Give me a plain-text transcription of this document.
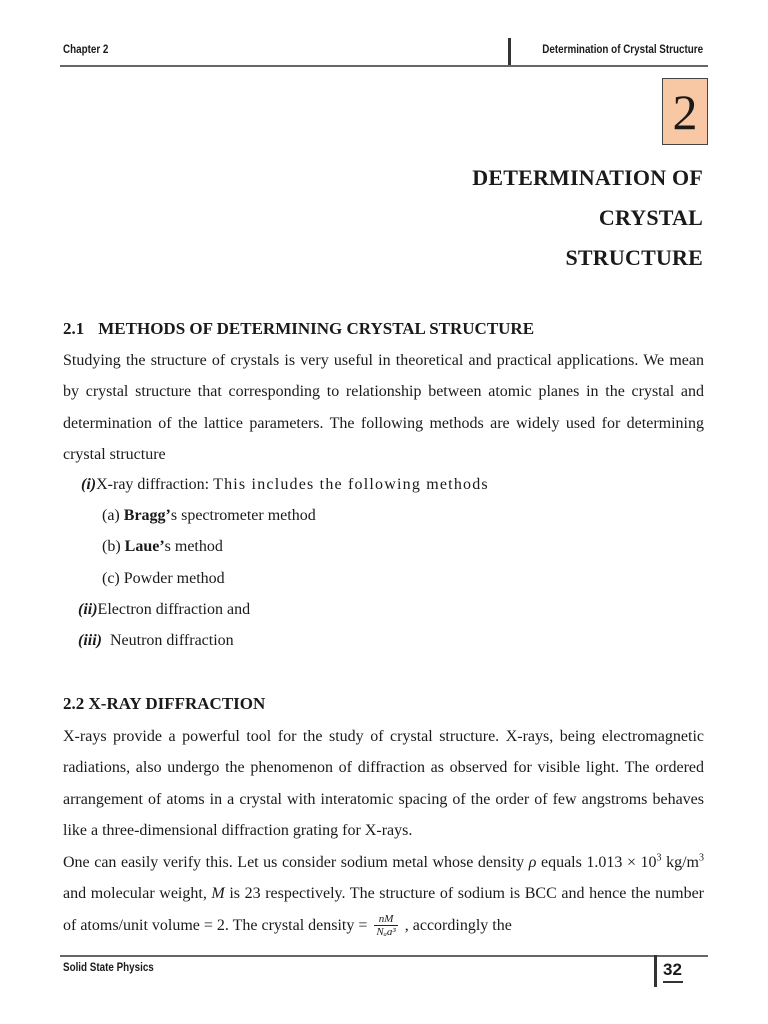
Chapter 2	Determination of Crystal Structure
2
DETERMINATION OF
CRYSTAL
STRUCTURE
2.1 METHODS OF DETERMINING CRYSTAL STRUCTURE
Studying the structure of crystals is very useful in theoretical and practical applications. We mean by crystal structure that corresponding to relationship between atomic planes in the crystal and determination of the lattice parameters. The following methods are widely used for determining crystal structure
(i)X-ray diffraction: This includes the following methods
(a) Bragg’s spectrometer method
(b) Laue’s method
(c) Powder method
(ii)Electron diffraction and
(iii)  Neutron diffraction
2.2 X-RAY DIFFRACTION
X-rays provide a powerful tool for the study of crystal structure. X-rays, being electromagnetic radiations, also undergo the phenomenon of diffraction as observed for visible light. The ordered arrangement of atoms in a crystal with interatomic spacing of the order of few angstroms behaves like a three-dimensional diffraction grating for X-rays.
One can easily verify this. Let us consider sodium metal whose density ρ equals $1.013 \times 10^3$ $kg/m^3$ and molecular weight, M is 23 respectively. The structure of sodium is BCC and hence the number of atoms/unit volume = 2. The crystal density = $\frac{nM}{\text{Nₐa³}}$ , accordingly the
Solid State Physics	32
